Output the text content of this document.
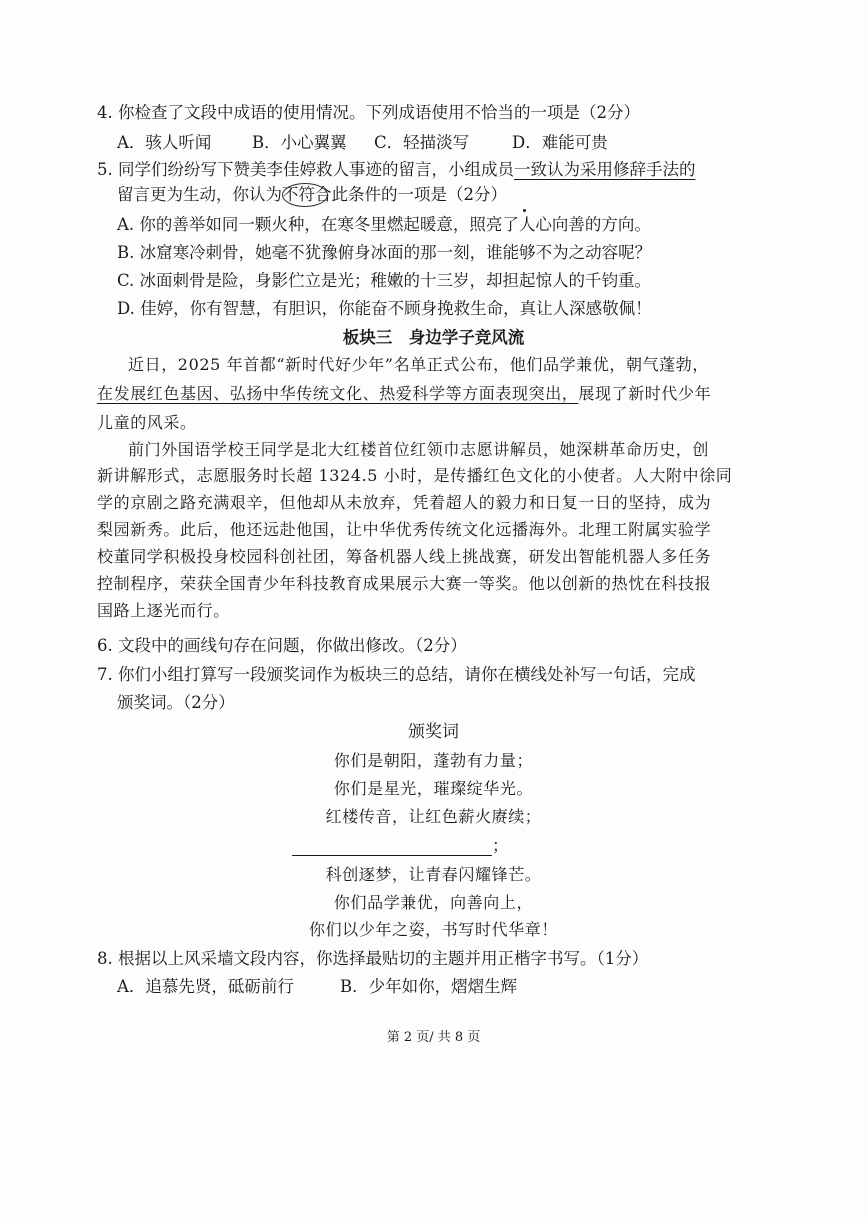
4. 你检查了文段中成语的使用情况。下列成语使用不恰当的一项是（2分）
A．骇人听闻 B．小心翼翼 C．轻描淡写	D．难能可贵
5. 同学们纷纷写下赞美李佳婷救人事迹的留言，小组成员一致认为采用修辞手法的
留言更为生动，你认为不符合此条件的一项是（2分）
A. 你的善举如同一颗火种，在寒冬里燃起暖意，照亮了人心向善的方向。
B. 冰窟寒冷刺骨，她毫不犹豫俯身冰面的那一刻，谁能够不为之动容呢？
C. 冰面刺骨是险，身影伫立是光；稚嫩的十三岁，却担起惊人的千钧重。
D. 佳婷，你有智慧，有胆识，你能奋不顾身挽救生命，真让人深感敬佩！
板块三　身边学子竞风流
近日，2025 年首都“新时代好少年”名单正式公布，他们品学兼优，朝气蓬勃，
在发展红色基因、弘扬中华传统文化、热爱科学等方面表现突出，展现了新时代少年
儿童的风采。
前门外国语学校王同学是北大红楼首位红领巾志愿讲解员，她深耕革命历史，创
新讲解形式，志愿服务时长超 1324.5 小时，是传播红色文化的小使者。人大附中徐同
学的京剧之路充满艰辛，但他却从未放弃，凭着超人的毅力和日复一日的坚持，成为
梨园新秀。此后，他还远赴他国，让中华优秀传统文化远播海外。北理工附属实验学
校董同学积极投身校园科创社团，筹备机器人线上挑战赛，研发出智能机器人多任务
控制程序，荣获全国青少年科技教育成果展示大赛一等奖。他以创新的热忱在科技报
国路上逐光而行。
6. 文段中的画线句存在问题，你做出修改。（2分）
7. 你们小组打算写一段颁奖词作为板块三的总结，请你在横线处补写一句话，完成
颁奖词。（2分）
颁奖词
你们是朝阳，蓬勃有力量；
你们是星光，璀璨绽华光。
红楼传音，让红色薪火赓续；
；
科创逐梦，让青春闪耀锋芒。
你们品学兼优，向善向上，
你们以少年之姿，书写时代华章！
8. 根据以上风采墙文段内容，你选择最贴切的主题并用正楷字书写。（1分）
A．追慕先贤，砥砺前行	B．少年如你，熠熠生辉
第 2 页/ 共 8 页
